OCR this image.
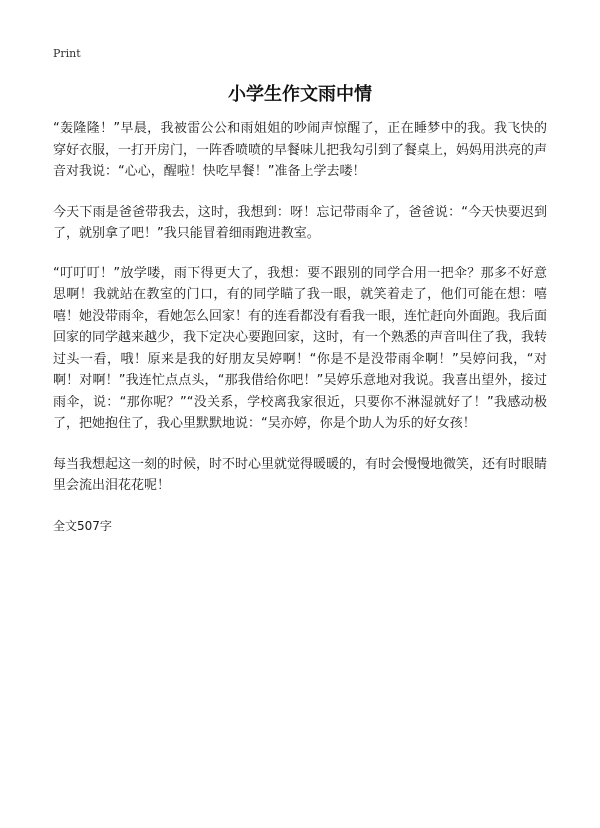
Print
小学生作文雨中情

“轰隆隆！”早晨，我被雷公公和雨姐姐的吵闹声惊醒了，正在睡梦中的我。我飞快的穿好衣服，一打开房门，一阵香喷喷的早餐味儿把我勾引到了餐桌上，妈妈用洪亮的声音对我说：“心心，醒啦！快吃早餐！”准备上学去喽！

今天下雨是爸爸带我去，这时，我想到：呀！忘记带雨伞了，爸爸说：“今天快要迟到了，就别拿了吧！”我只能冒着细雨跑进教室。

“叮叮叮！”放学喽，雨下得更大了，我想：要不跟别的同学合用一把伞？那多不好意思啊！我就站在教室的门口，有的同学瞄了我一眼，就笑着走了，他们可能在想：嘻嘻！她没带雨伞，看她怎么回家！有的连看都没有看我一眼，连忙赶向外面跑。我后面回家的同学越来越少，我下定决心要跑回家，这时，有一个熟悉的声音叫住了我，我转过头一看，哦！原来是我的好朋友吴婷啊！“你是不是没带雨伞啊！”吴婷问我，“对啊！对啊！”我连忙点点头，“那我借给你吧！”吴婷乐意地对我说。我喜出望外，接过雨伞，说：“那你呢？”“没关系，学校离我家很近，只要你不淋湿就好了！”我感动极了，把她抱住了，我心里默默地说：“吴亦婷，你是个助人为乐的好女孩！

每当我想起这一刻的时候，时不时心里就觉得暖暖的，有时会慢慢地微笑，还有时眼睛里会流出泪花花呢！

全文507字
